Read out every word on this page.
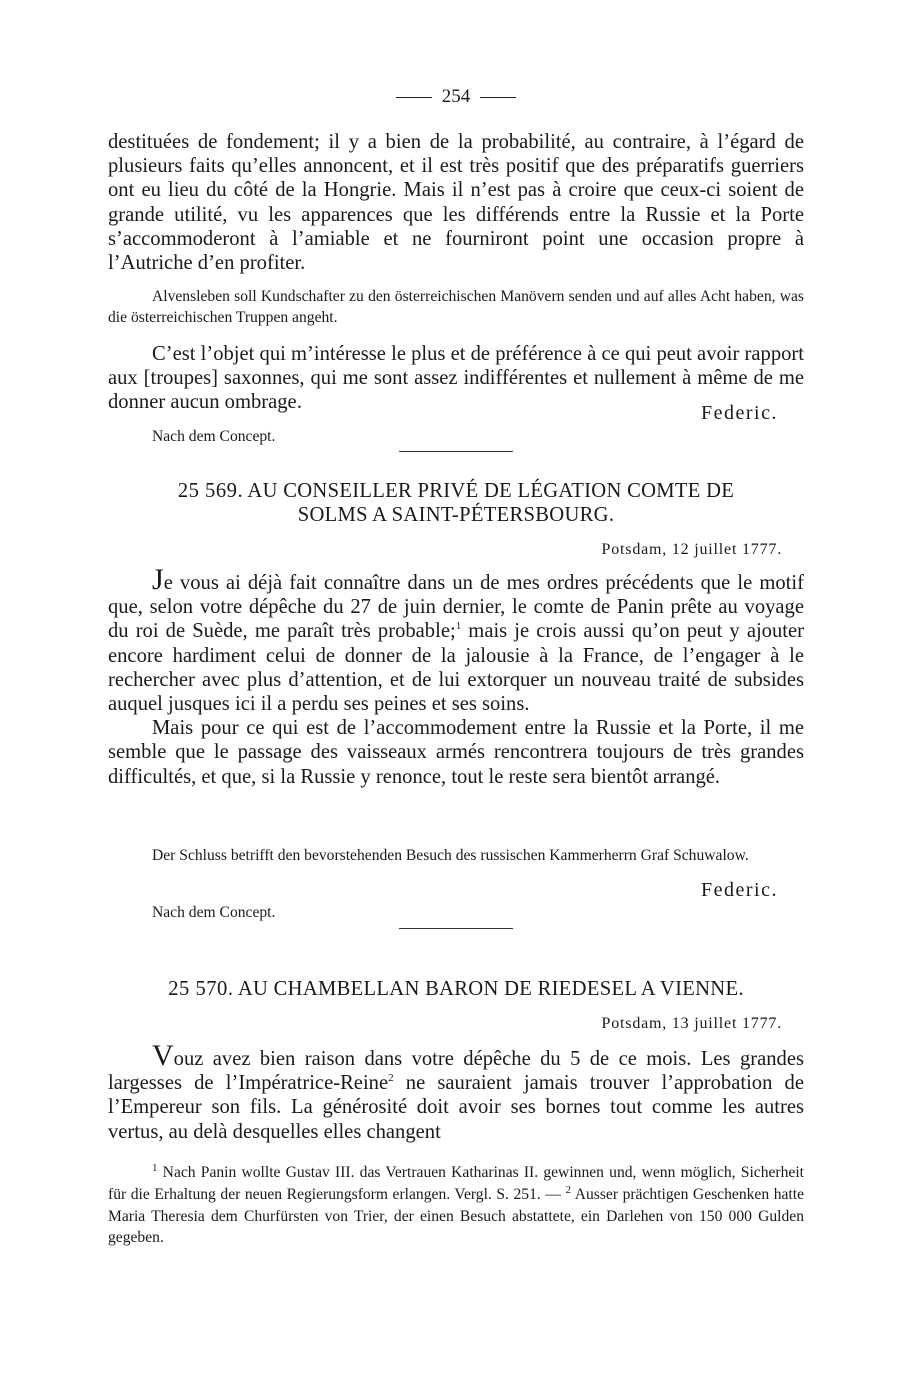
254

destituées de fondement; il y a bien de la probabilité, au contraire, à l’égard de plusieurs faits qu’elles annoncent, et il est très positif que des préparatifs guerriers ont eu lieu du côté de la Hongrie. Mais il n’est pas à croire que ceux-ci soient de grande utilité, vu les apparences que les différends entre la Russie et la Porte s’accommoderont à l’amiable et ne fourniront point une occasion propre à l’Autriche d’en profiter.

Alvensleben soll Kundschafter zu den österreichischen Manövern senden und auf alles Acht haben, was die österreichischen Truppen angeht.

C’est l’objet qui m’intéresse le plus et de préférence à ce qui peut avoir rapport aux [troupes] saxonnes, qui me sont assez indifférentes et nullement à même de me donner aucun ombrage.	Federic.
Nach dem Concept.
25 569. AU CONSEILLER PRIVÉ DE LÉGATION COMTE DE
SOLMS A SAINT-PÉTERSBOURG.
Potsdam, 12 juillet 1777.

Je vous ai déjà fait connaître dans un de mes ordres précédents que le motif que, selon votre dépêche du 27 de juin dernier, le comte de Panin prête au voyage du roi de Suède, me paraît très probable;$^1$ mais je crois aussi qu’on peut y ajouter encore hardiment celui de donner de la jalousie à la France, de l’engager à le rechercher avec plus d’attention, et de lui extorquer un nouveau traité de subsides auquel jusques ici il a perdu ses peines et ses soins.

Mais pour ce qui est de l’accommodement entre la Russie et la Porte, il me semble que le passage des vaisseaux armés rencontrera toujours de très grandes difficultés, et que, si la Russie y renonce, tout le reste sera bientôt arrangé.

Der Schluss betrifft den bevorstehenden Besuch des russischen Kammerherrn Graf Schuwalow.

Federic.
Nach dem Concept.
25 570. AU CHAMBELLAN BARON DE RIEDESEL A VIENNE.
Potsdam, 13 juillet 1777.

Vouz avez bien raison dans votre dépêche du 5 de ce mois. Les grandes largesses de l’Impératrice-Reine$^2$ ne sauraient jamais trouver l’approbation de l’Empereur son fils. La générosité doit avoir ses bornes tout comme les autres vertus, au delà desquelles elles changent

$^1$ Nach Panin wollte Gustav III. das Vertrauen Katharinas II. gewinnen und, wenn möglich, Sicherheit für die Erhaltung der neuen Regierungsform erlangen. Vergl. S. 251. — $^2$ Ausser prächtigen Geschenken hatte Maria Theresia dem Churfürsten von Trier, der einen Besuch abstattete, ein Darlehen von 150 000 Gulden gegeben.
